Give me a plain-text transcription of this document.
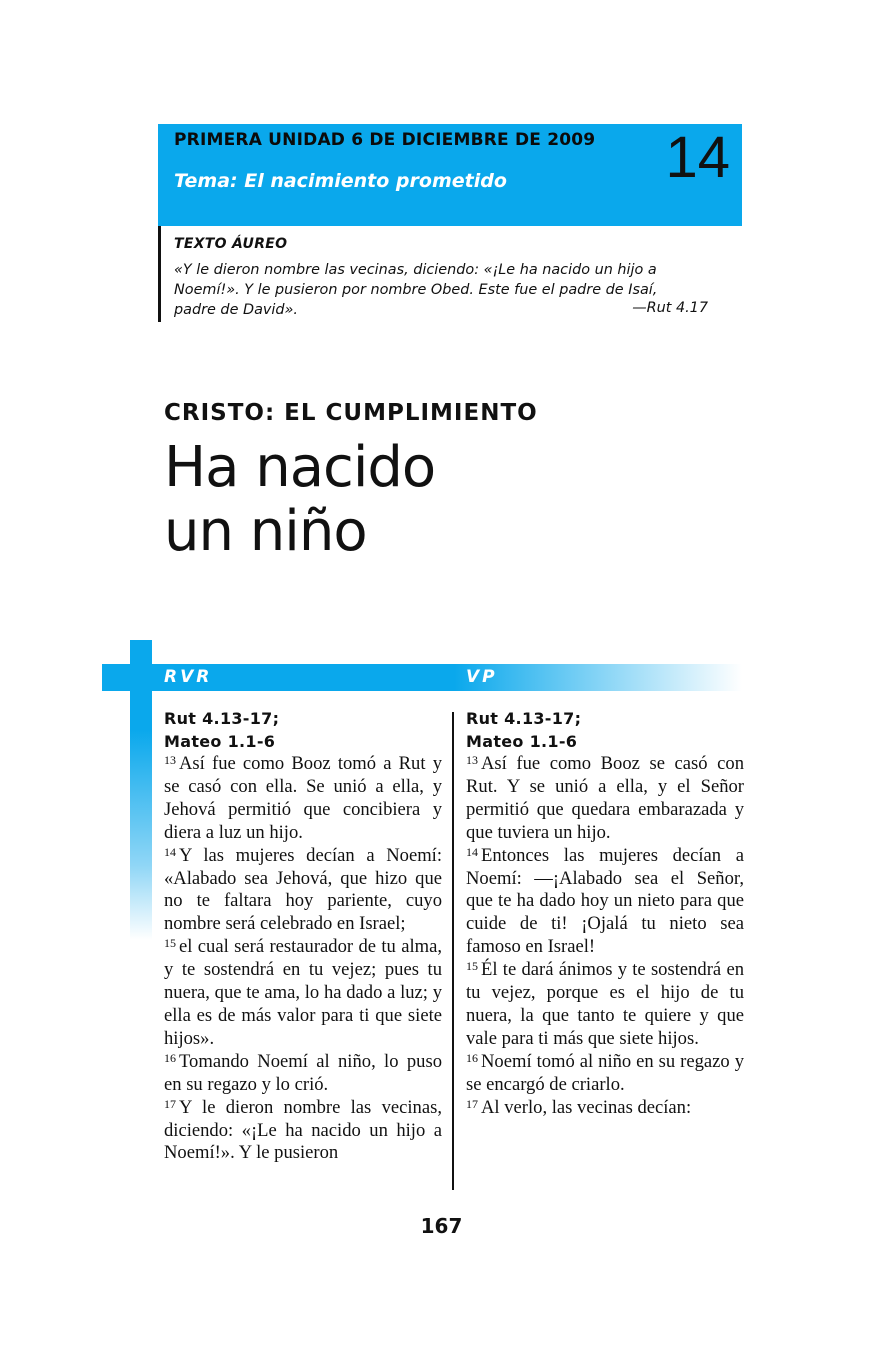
PRIMERA UNIDAD 6 DE DICIEMBRE DE 2009
Tema: El nacimiento prometido	14
TEXTO ÁUREO
«Y le dieron nombre las vecinas, diciendo: «¡Le ha nacido un hijo a
Noemí!». Y le pusieron por nombre Obed. Este fue el padre de Isaí,
padre de David».	—Rut 4.17
CRISTO: EL CUMPLIMIENTO
Ha nacido
un niño
RVR	VP
Rut 4.13-17;
Mateo 1.1-6

$^{13}$ Así fue como Booz tomó a Rut y se casó con ella. Se unió a ella, y Jehová permitió que concibiera y diera a luz un hijo.

$^{14}$ Y las mujeres decían a Noemí: «Alabado sea Jehová, que hizo que no te faltara hoy pariente, cuyo nombre será celebrado en Israel;

$^{15}$ el cual será restaurador de tu alma, y te sostendrá en tu vejez; pues tu nuera, que te ama, lo ha dado a luz; y ella es de más valor para ti que siete hijos».

$^{16}$ Tomando Noemí al niño, lo puso en su regazo y lo crió.

$^{17}$ Y le dieron nombre las vecinas, diciendo: «¡Le ha nacido un hijo a Noemí!». Y le pusieron

Rut 4.13-17;
Mateo 1.1-6

$^{13}$ Así fue como Booz se casó con Rut. Y se unió a ella, y el Señor permitió que quedara embarazada y que tuviera un hijo.

$^{14}$ Entonces las mujeres decían a Noemí: —¡Alabado sea el Señor, que te ha dado hoy un nieto para que cuide de ti! ¡Ojalá tu nieto sea famoso en Israel!

$^{15}$ Él te dará ánimos y te sostendrá en tu vejez, porque es el hijo de tu nuera, la que tanto te quiere y que vale para ti más que siete hijos.

$^{16}$ Noemí tomó al niño en su regazo y se encargó de criarlo.

$^{17}$ Al verlo, las vecinas decían:

167
